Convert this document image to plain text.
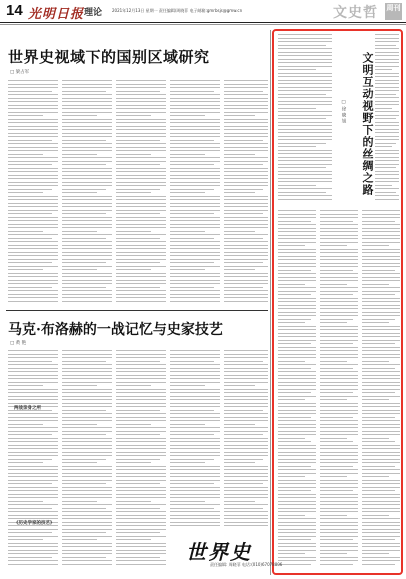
14 光明日报 理论 2021年12月13日 星期一 责任编辑/周晓菲 电子邮箱:gmrbsjs@gmw.cn	文史哲 周刊
世界史视域下的国别区域研究
□ 梁占军
马克·布洛赫的一战记忆与史家技艺
□ 黄 艳
两战亲身之所
《历史学家的技艺》
文明互动视野下的丝绸之路
□ 徐 晓 旭
世界史
责任编辑: 周晓菲 电话:(010)67078806
